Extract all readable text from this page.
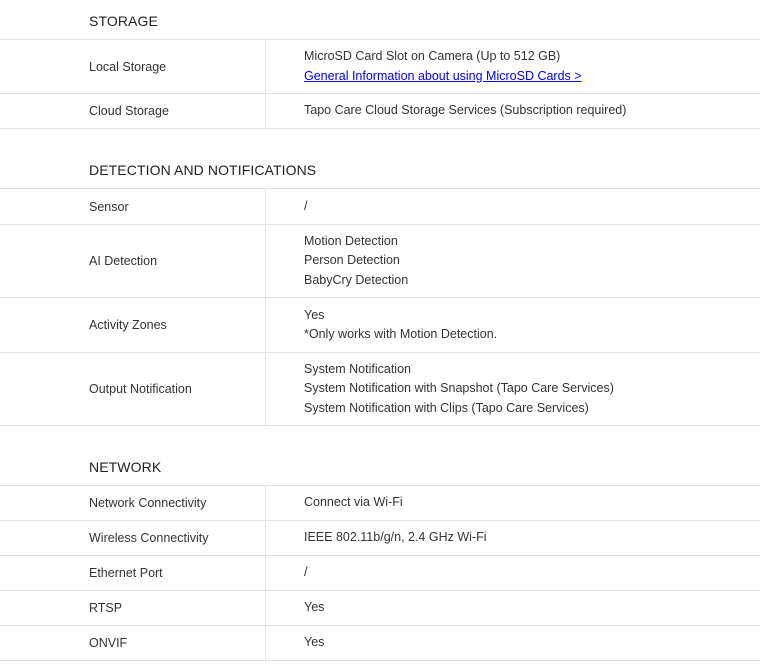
STORAGE
Local Storage	MicroSD Card Slot on Camera (Up to 512 GB)
General Information about using MicroSD Cards >

Cloud Storage	Tapo Care Cloud Storage Services (Subscription required)
DETECTION AND NOTIFICATIONS
Sensor	/
AI Detection	Motion Detection
Person Detection
BabyCry Detection

Activity Zones	Yes
*Only works with Motion Detection.

Output Notification	System Notification
System Notification with Snapshot (Tapo Care Services)
System Notification with Clips (Tapo Care Services)
NETWORK
Network Connectivity	Connect via Wi-Fi
Wireless Connectivity	IEEE 802.11b/g/n, 2.4 GHz Wi-Fi
Ethernet Port	/
RTSP	Yes
ONVIF	Yes
